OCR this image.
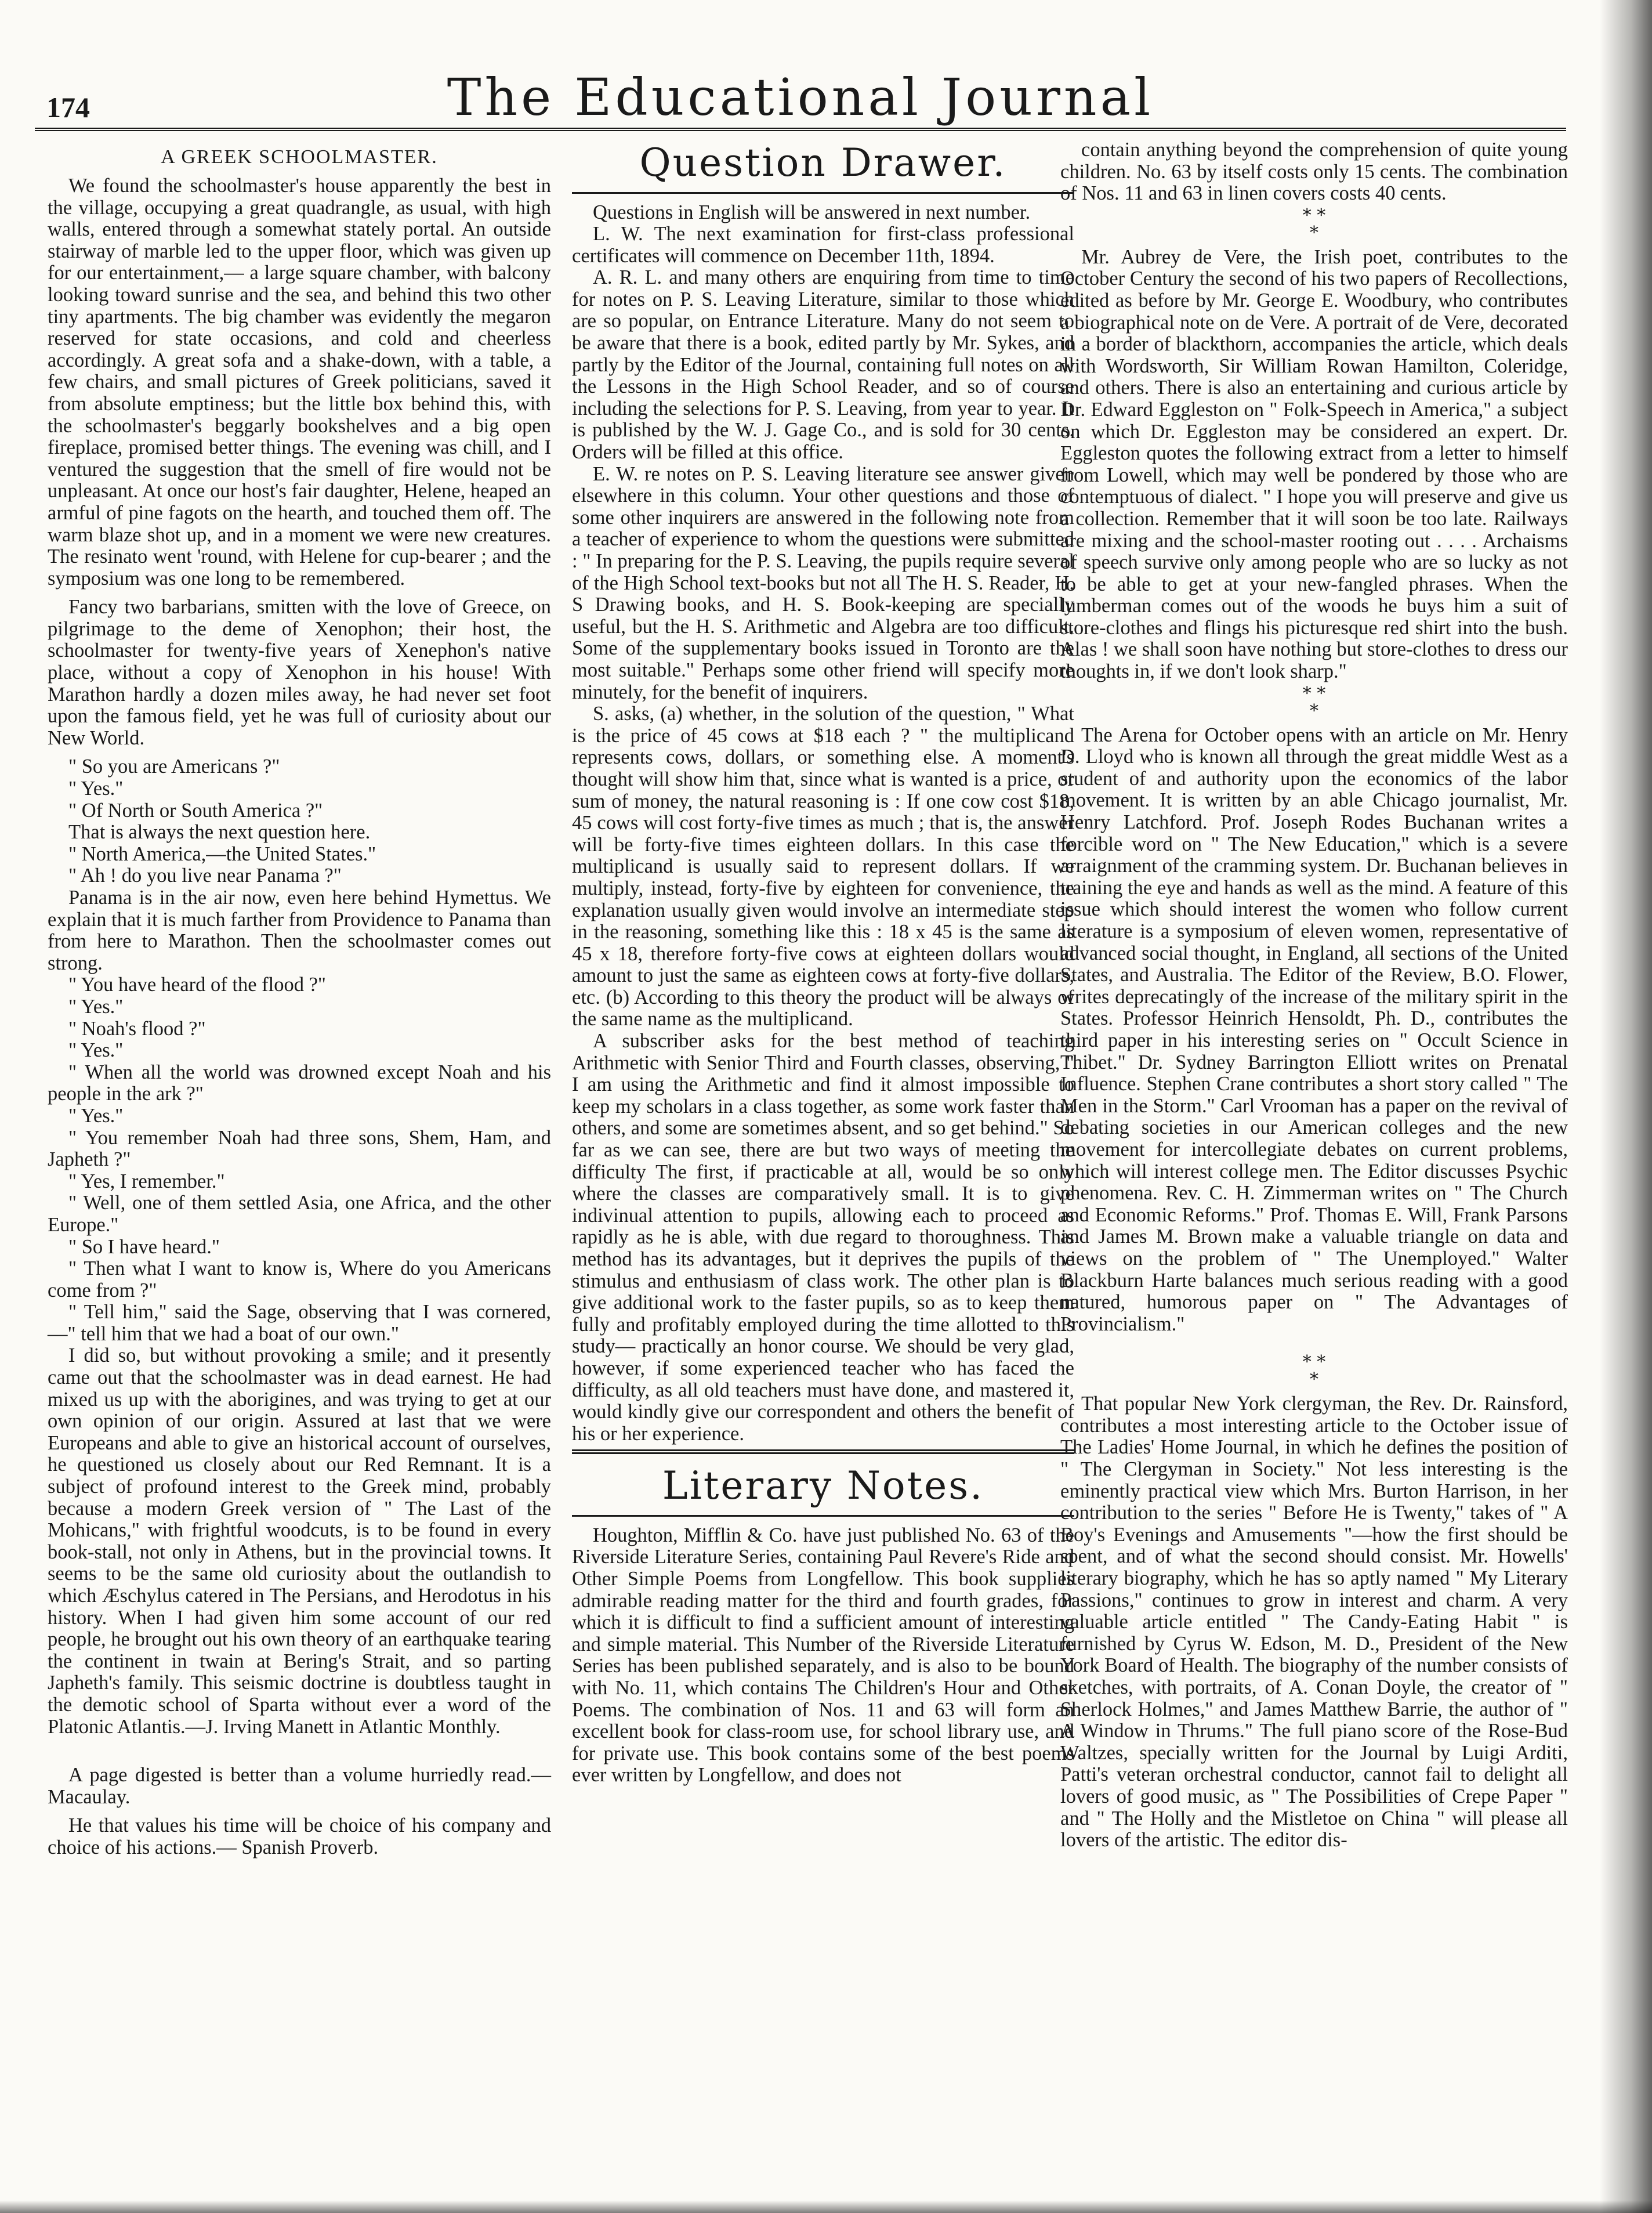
174	The Educational Journal
A GREEK SCHOOLMASTER.

We found the schoolmaster's house apparently the best in the village, occupying a great quadrangle, as usual, with high walls, entered through a somewhat stately portal. An outside stairway of marble led to the upper floor, which was given up for our entertainment,— a large square chamber, with balcony looking toward sunrise and the sea, and behind this two other tiny apartments. The big chamber was evidently the megaron reserved for state occasions, and cold and cheerless accordingly. A great sofa and a shake-down, with a table, a few chairs, and small pictures of Greek politicians, saved it from absolute emptiness; but the little box behind this, with the schoolmaster's beggarly bookshelves and a big open fireplace, promised better things. The evening was chill, and I ventured the suggestion that the smell of fire would not be unpleasant. At once our host's fair daughter, Helene, heaped an armful of pine fagots on the hearth, and touched them off. The warm blaze shot up, and in a moment we were new creatures. The resinato went 'round, with Helene for cup-bearer ; and the symposium was one long to be remembered.

Fancy two barbarians, smitten with the love of Greece, on pilgrimage to the deme of Xenophon; their host, the schoolmaster for twenty-five years of Xenephon's native place, without a copy of Xenophon in his house! With Marathon hardly a dozen miles away, he had never set foot upon the famous field, yet he was full of curiosity about our New World.

" So you are Americans ?"

" Yes."

" Of North or South America ?"

That is always the next question here.

" North America,—the United States."

" Ah ! do you live near Panama ?"

Panama is in the air now, even here behind Hymettus. We explain that it is much farther from Providence to Panama than from here to Marathon. Then the schoolmaster comes out strong.

" You have heard of the flood ?"

" Yes."

" Noah's flood ?"

" Yes."

" When all the world was drowned except Noah and his people in the ark ?"

" Yes."

" You remember Noah had three sons, Shem, Ham, and Japheth ?"

" Yes, I remember."

" Well, one of them settled Asia, one Africa, and the other Europe."

" So I have heard."

" Then what I want to know is, Where do you Americans come from ?"

" Tell him," said the Sage, observing that I was cornered,—" tell him that we had a boat of our own."

I did so, but without provoking a smile; and it presently came out that the schoolmaster was in dead earnest. He had mixed us up with the aborigines, and was trying to get at our own opinion of our origin. Assured at last that we were Europeans and able to give an historical account of ourselves, he questioned us closely about our Red Remnant. It is a subject of profound interest to the Greek mind, probably because a modern Greek version of " The Last of the Mohicans," with frightful woodcuts, is to be found in every book-stall, not only in Athens, but in the provincial towns. It seems to be the same old curiosity about the outlandish to which Æschylus catered in The Persians, and Herodotus in his history. When I had given him some account of our red people, he brought out his own theory of an earthquake tearing the continent in twain at Bering's Strait, and so parting Japheth's family. This seismic doctrine is doubtless taught in the demotic school of Sparta without ever a word of the Platonic Atlantis.—J. Irving Manett in Atlantic Monthly.

A page digested is better than a volume hurriedly read.—Macaulay.

He that values his time will be choice of his company and choice of his actions.— Spanish Proverb.

Question Drawer.

Questions in English will be answered in next number.

L. W. The next examination for first-class professional certificates will commence on December 11th, 1894.

A. R. L. and many others are enquiring from time to time for notes on P. S. Leaving Literature, similar to those which are so popular, on Entrance Literature. Many do not seem to be aware that there is a book, edited partly by Mr. Sykes, and partly by the Editor of the Journal, containing full notes on all the Lessons in the High School Reader, and so of course including the selections for P. S. Leaving, from year to year. It is published by the W. J. Gage Co., and is sold for 30 cents. Orders will be filled at this office.

E. W. re notes on P. S. Leaving literature see answer given elsewhere in this column. Your other questions and those of some other inquirers are answered in the following note from a teacher of experience to whom the questions were submitted : " In preparing for the P. S. Leaving, the pupils require several of the High School text-books but not all The H. S. Reader, H. S Drawing books, and H. S. Book-keeping are specially useful, but the H. S. Arithmetic and Algebra are too difficult. Some of the supplementary books issued in Toronto are the most suitable." Perhaps some other friend will specify more minutely, for the benefit of inquirers.

S. asks, (a) whether, in the solution of the question, " What is the price of 45 cows at $18 each ? " the multiplicand represents cows, dollars, or something else. A moment's thought will show him that, since what is wanted is a price, or sum of money, the natural reasoning is : If one cow cost $18, 45 cows will cost forty-five times as much ; that is, the answer will be forty-five times eighteen dollars. In this case the multiplicand is usually said to represent dollars. If we multiply, instead, forty-five by eighteen for convenience, the explanation usually given would involve an intermediate step in the reasoning, something like this : 18 x 45 is the same as 45 x 18, therefore forty-five cows at eighteen dollars would amount to just the same as eighteen cows at forty-five dollars, etc. (b) According to this theory the product will be always of the same name as the multiplicand.

A subscriber asks for the best method of teaching Arithmetic with Senior Third and Fourth classes, observing, " I am using the Arithmetic and find it almost impossible to keep my scholars in a class together, as some work faster than others, and some are sometimes absent, and so get behind." So far as we can see, there are but two ways of meeting the difficulty The first, if practicable at all, would be so only where the classes are comparatively small. It is to give indivinual attention to pupils, allowing each to proceed as rapidly as he is able, with due regard to thoroughness. This method has its advantages, but it deprives the pupils of the stimulus and enthusiasm of class work. The other plan is to give additional work to the faster pupils, so as to keep them fully and profitably employed during the time allotted to this study— practically an honor course. We should be very glad, however, if some experienced teacher who has faced the difficulty, as all old teachers must have done, and mastered it, would kindly give our correspondent and others the benefit of his or her experience.

Literary Notes.

Houghton, Mifflin & Co. have just published No. 63 of the Riverside Literature Series, containing Paul Revere's Ride and Other Simple Poems from Longfellow. This book supplies admirable reading matter for the third and fourth grades, for which it is difficult to find a sufficient amount of interesting and simple material. This Number of the Riverside Literature Series has been published separately, and is also to be bound with No. 11, which contains The Children's Hour and Other Poems. The combination of Nos. 11 and 63 will form an excellent book for class-room use, for school library use, and for private use. This book contains some of the best poems ever written by Longfellow, and does not

contain anything beyond the comprehension of quite young children. No. 63 by itself costs only 15 cents. The combination of Nos. 11 and 63 in linen covers costs 40 cents.

* *
*

Mr. Aubrey de Vere, the Irish poet, contributes to the October Century the second of his two papers of Recollections, edited as before by Mr. George E. Woodbury, who contributes a biographical note on de Vere. A portrait of de Vere, decorated in a border of blackthorn, accompanies the article, which deals with Wordsworth, Sir William Rowan Hamilton, Coleridge, and others. There is also an entertaining and curious article by Dr. Edward Eggleston on " Folk-Speech in America," a subject on which Dr. Eggleston may be considered an expert. Dr. Eggleston quotes the following extract from a letter to himself from Lowell, which may well be pondered by those who are contemptuous of dialect. " I hope you will preserve and give us a collection. Remember that it will soon be too late. Railways are mixing and the school-master rooting out . . . . Archaisms of speech survive only among people who are so lucky as not to be able to get at your new-fangled phrases. When the lumberman comes out of the woods he buys him a suit of store-clothes and flings his picturesque red shirt into the bush. Alas ! we shall soon have nothing but store-clothes to dress our thoughts in, if we don't look sharp."

* *
*

The Arena for October opens with an article on Mr. Henry D. Lloyd who is known all through the great middle West as a student of and authority upon the economics of the labor movement. It is written by an able Chicago journalist, Mr. Henry Latchford. Prof. Joseph Rodes Buchanan writes a forcible word on " The New Education," which is a severe arraignment of the cramming system. Dr. Buchanan believes in training the eye and hands as well as the mind. A feature of this issue which should interest the women who follow current literature is a symposium of eleven women, representative of advanced social thought, in England, all sections of the United States, and Australia. The Editor of the Review, B.O. Flower, writes deprecatingly of the increase of the military spirit in the States. Professor Heinrich Hensoldt, Ph. D., contributes the third paper in his interesting series on " Occult Science in Thibet." Dr. Sydney Barrington Elliott writes on Prenatal Influence. Stephen Crane contributes a short story called " The Men in the Storm." Carl Vrooman has a paper on the revival of debating societies in our American colleges and the new movement for intercollegiate debates on current problems, which will interest college men. The Editor discusses Psychic phenomena. Rev. C. H. Zimmerman writes on " The Church and Economic Reforms." Prof. Thomas E. Will, Frank Parsons and James M. Brown make a valuable triangle on data and views on the problem of " The Unemployed." Walter Blackburn Harte balances much serious reading with a good natured, humorous paper on " The Advantages of Provincialism."

* *
*

That popular New York clergyman, the Rev. Dr. Rainsford, contributes a most interesting article to the October issue of The Ladies' Home Journal, in which he defines the position of " The Clergyman in Society." Not less interesting is the eminently practical view which Mrs. Burton Harrison, in her contribution to the series " Before He is Twenty," takes of " A Boy's Evenings and Amusements "—how the first should be spent, and of what the second should consist. Mr. Howells' literary biography, which he has so aptly named " My Literary Passions," continues to grow in interest and charm. A very valuable article entitled " The Candy-Eating Habit " is furnished by Cyrus W. Edson, M. D., President of the New York Board of Health. The biography of the number consists of sketches, with portraits, of A. Conan Doyle, the creator of " Sherlock Holmes," and James Matthew Barrie, the author of " A Window in Thrums." The full piano score of the Rose-Bud Waltzes, specially written for the Journal by Luigi Arditi, Patti's veteran orchestral conductor, cannot fail to delight all lovers of good music, as " The Possibilities of Crepe Paper " and " The Holly and the Mistletoe on China " will please all lovers of the artistic. The editor dis-
